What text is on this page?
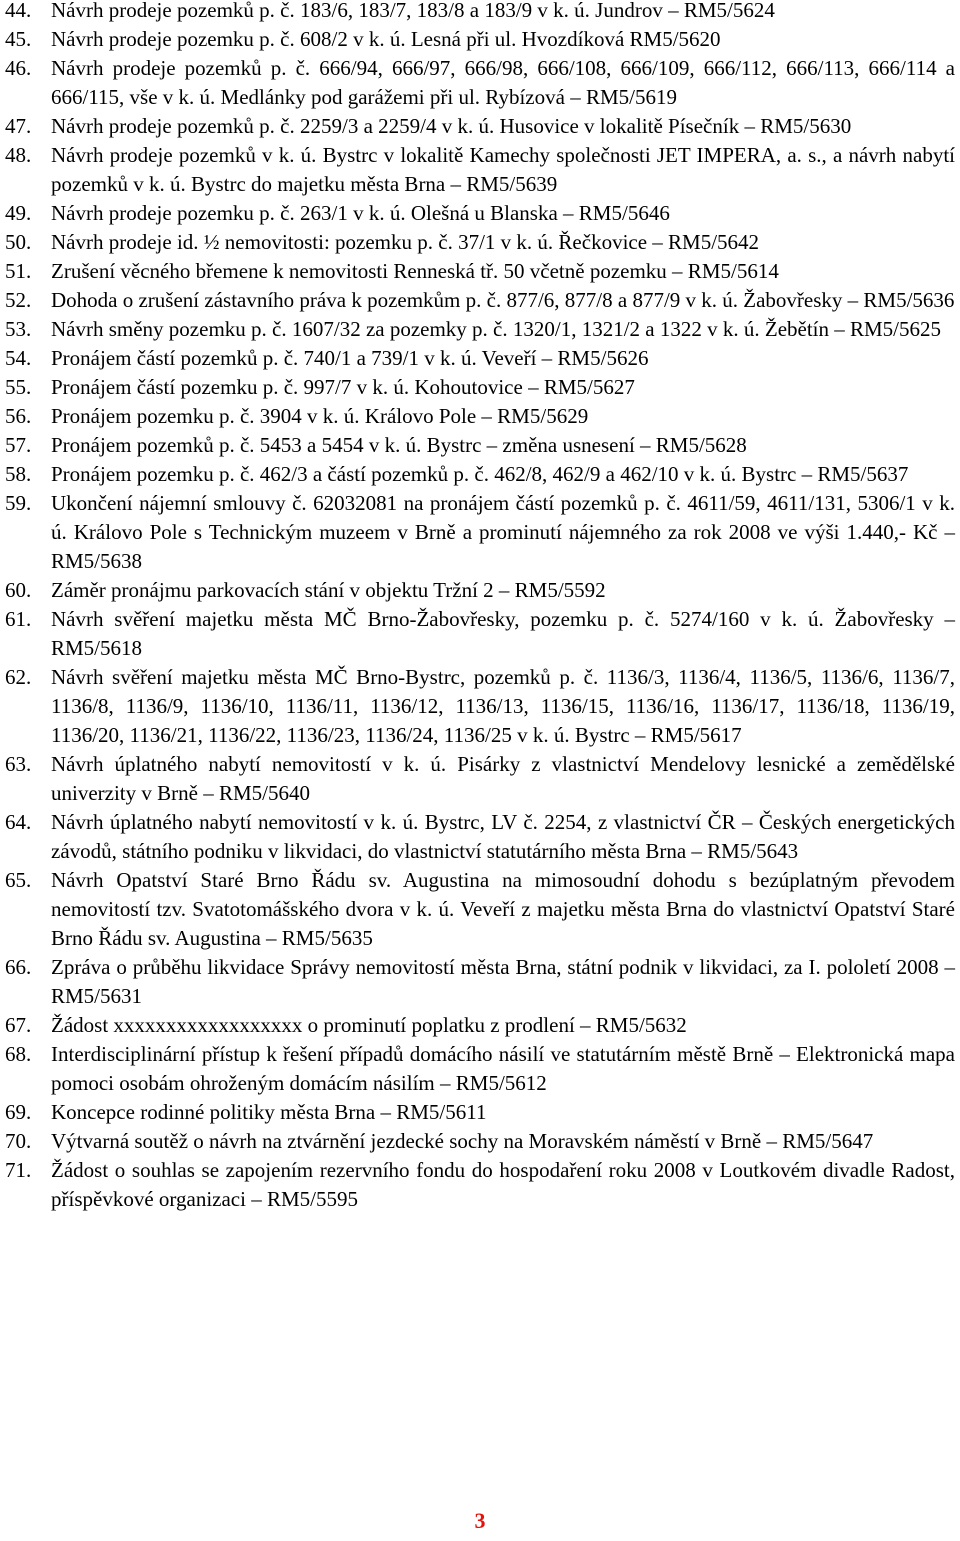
44. Návrh prodeje pozemků p. č. 183/6, 183/7, 183/8 a 183/9 v k. ú. Jundrov – RM5/5624
45. Návrh prodeje pozemku p. č. 608/2 v k. ú. Lesná při ul. Hvozdíková RM5/5620
46. Návrh prodeje pozemků p. č. 666/94, 666/97, 666/98, 666/108, 666/109, 666/112, 666/113, 666/114 a 666/115, vše v k. ú. Medlánky pod garážemi při ul. Rybízová – RM5/5619
47. Návrh prodeje pozemků p. č. 2259/3 a 2259/4 v k. ú. Husovice v lokalitě Písečník – RM5/5630
48. Návrh prodeje pozemků v k. ú. Bystrc v lokalitě Kamechy společnosti JET IMPERA, a. s., a návrh nabytí pozemků v k. ú. Bystrc do majetku města Brna – RM5/5639
49. Návrh prodeje pozemku p. č. 263/1 v k. ú. Olešná u Blanska – RM5/5646
50. Návrh prodeje id. ½ nemovitosti: pozemku p. č. 37/1 v k. ú. Řečkovice – RM5/5642
51. Zrušení věcného břemene k nemovitosti Renneská tř. 50 včetně pozemku – RM5/5614
52. Dohoda o zrušení zástavního práva k pozemkům p. č. 877/6, 877/8 a 877/9 v k. ú. Žabovřesky – RM5/5636
53. Návrh směny pozemku p. č. 1607/32 za pozemky p. č. 1320/1, 1321/2 a 1322 v k. ú. Žebětín – RM5/5625
54. Pronájem částí pozemků p. č. 740/1 a 739/1 v k. ú. Veveří – RM5/5626
55. Pronájem částí pozemku p. č. 997/7 v k. ú. Kohoutovice – RM5/5627
56. Pronájem pozemku p. č. 3904 v k. ú. Královo Pole – RM5/5629
57. Pronájem pozemků p. č. 5453 a 5454 v k. ú. Bystrc – změna usnesení – RM5/5628
58. Pronájem pozemku p. č. 462/3 a částí pozemků p. č. 462/8, 462/9 a 462/10 v k. ú. Bystrc – RM5/5637
59. Ukončení nájemní smlouvy č. 62032081 na pronájem částí pozemků p. č. 4611/59, 4611/131, 5306/1 v k. ú. Královo Pole s Technickým muzeem v Brně a prominutí nájemného za rok 2008 ve výši 1.440,- Kč – RM5/5638
60. Záměr pronájmu parkovacích stání v objektu Tržní 2 – RM5/5592
61. Návrh svěření majetku města MČ Brno-Žabovřesky, pozemku p. č. 5274/160 v k. ú. Žabovřesky – RM5/5618
62. Návrh svěření majetku města MČ Brno-Bystrc, pozemků p. č. 1136/3, 1136/4, 1136/5, 1136/6, 1136/7, 1136/8, 1136/9, 1136/10, 1136/11, 1136/12, 1136/13, 1136/15, 1136/16, 1136/17, 1136/18, 1136/19, 1136/20, 1136/21, 1136/22, 1136/23, 1136/24, 1136/25 v k. ú. Bystrc – RM5/5617
63. Návrh úplatného nabytí nemovitostí v k. ú. Pisárky z vlastnictví Mendelovy lesnické a zemědělské univerzity v Brně – RM5/5640
64. Návrh úplatného nabytí nemovitostí v k. ú. Bystrc, LV č. 2254, z vlastnictví ČR – Českých energetických závodů, státního podniku v likvidaci, do vlastnictví statutárního města Brna – RM5/5643
65. Návrh Opatství Staré Brno Řádu sv. Augustina na mimosoudní dohodu s bezúplatným převodem nemovitostí tzv. Svatotomášského dvora v k. ú. Veveří z majetku města Brna do vlastnictví Opatství Staré Brno Řádu sv. Augustina – RM5/5635
66. Zpráva o průběhu likvidace Správy nemovitostí města Brna, státní podnik v likvidaci, za I. pololetí 2008 – RM5/5631
67. Žádost xxxxxxxxxxxxxxxxxx o prominutí poplatku z prodlení – RM5/5632
68. Interdisciplinární přístup k řešení případů domácího násilí ve statutárním městě Brně – Elektronická mapa pomoci osobám ohroženým domácím násilím – RM5/5612
69. Koncepce rodinné politiky města Brna – RM5/5611
70. Výtvarná soutěž o návrh na ztvárnění jezdecké sochy na Moravském náměstí v Brně – RM5/5647
71. Žádost o souhlas se zapojením rezervního fondu do hospodaření roku 2008 v Loutkovém divadle Radost, příspěvkové organizaci – RM5/5595
3
